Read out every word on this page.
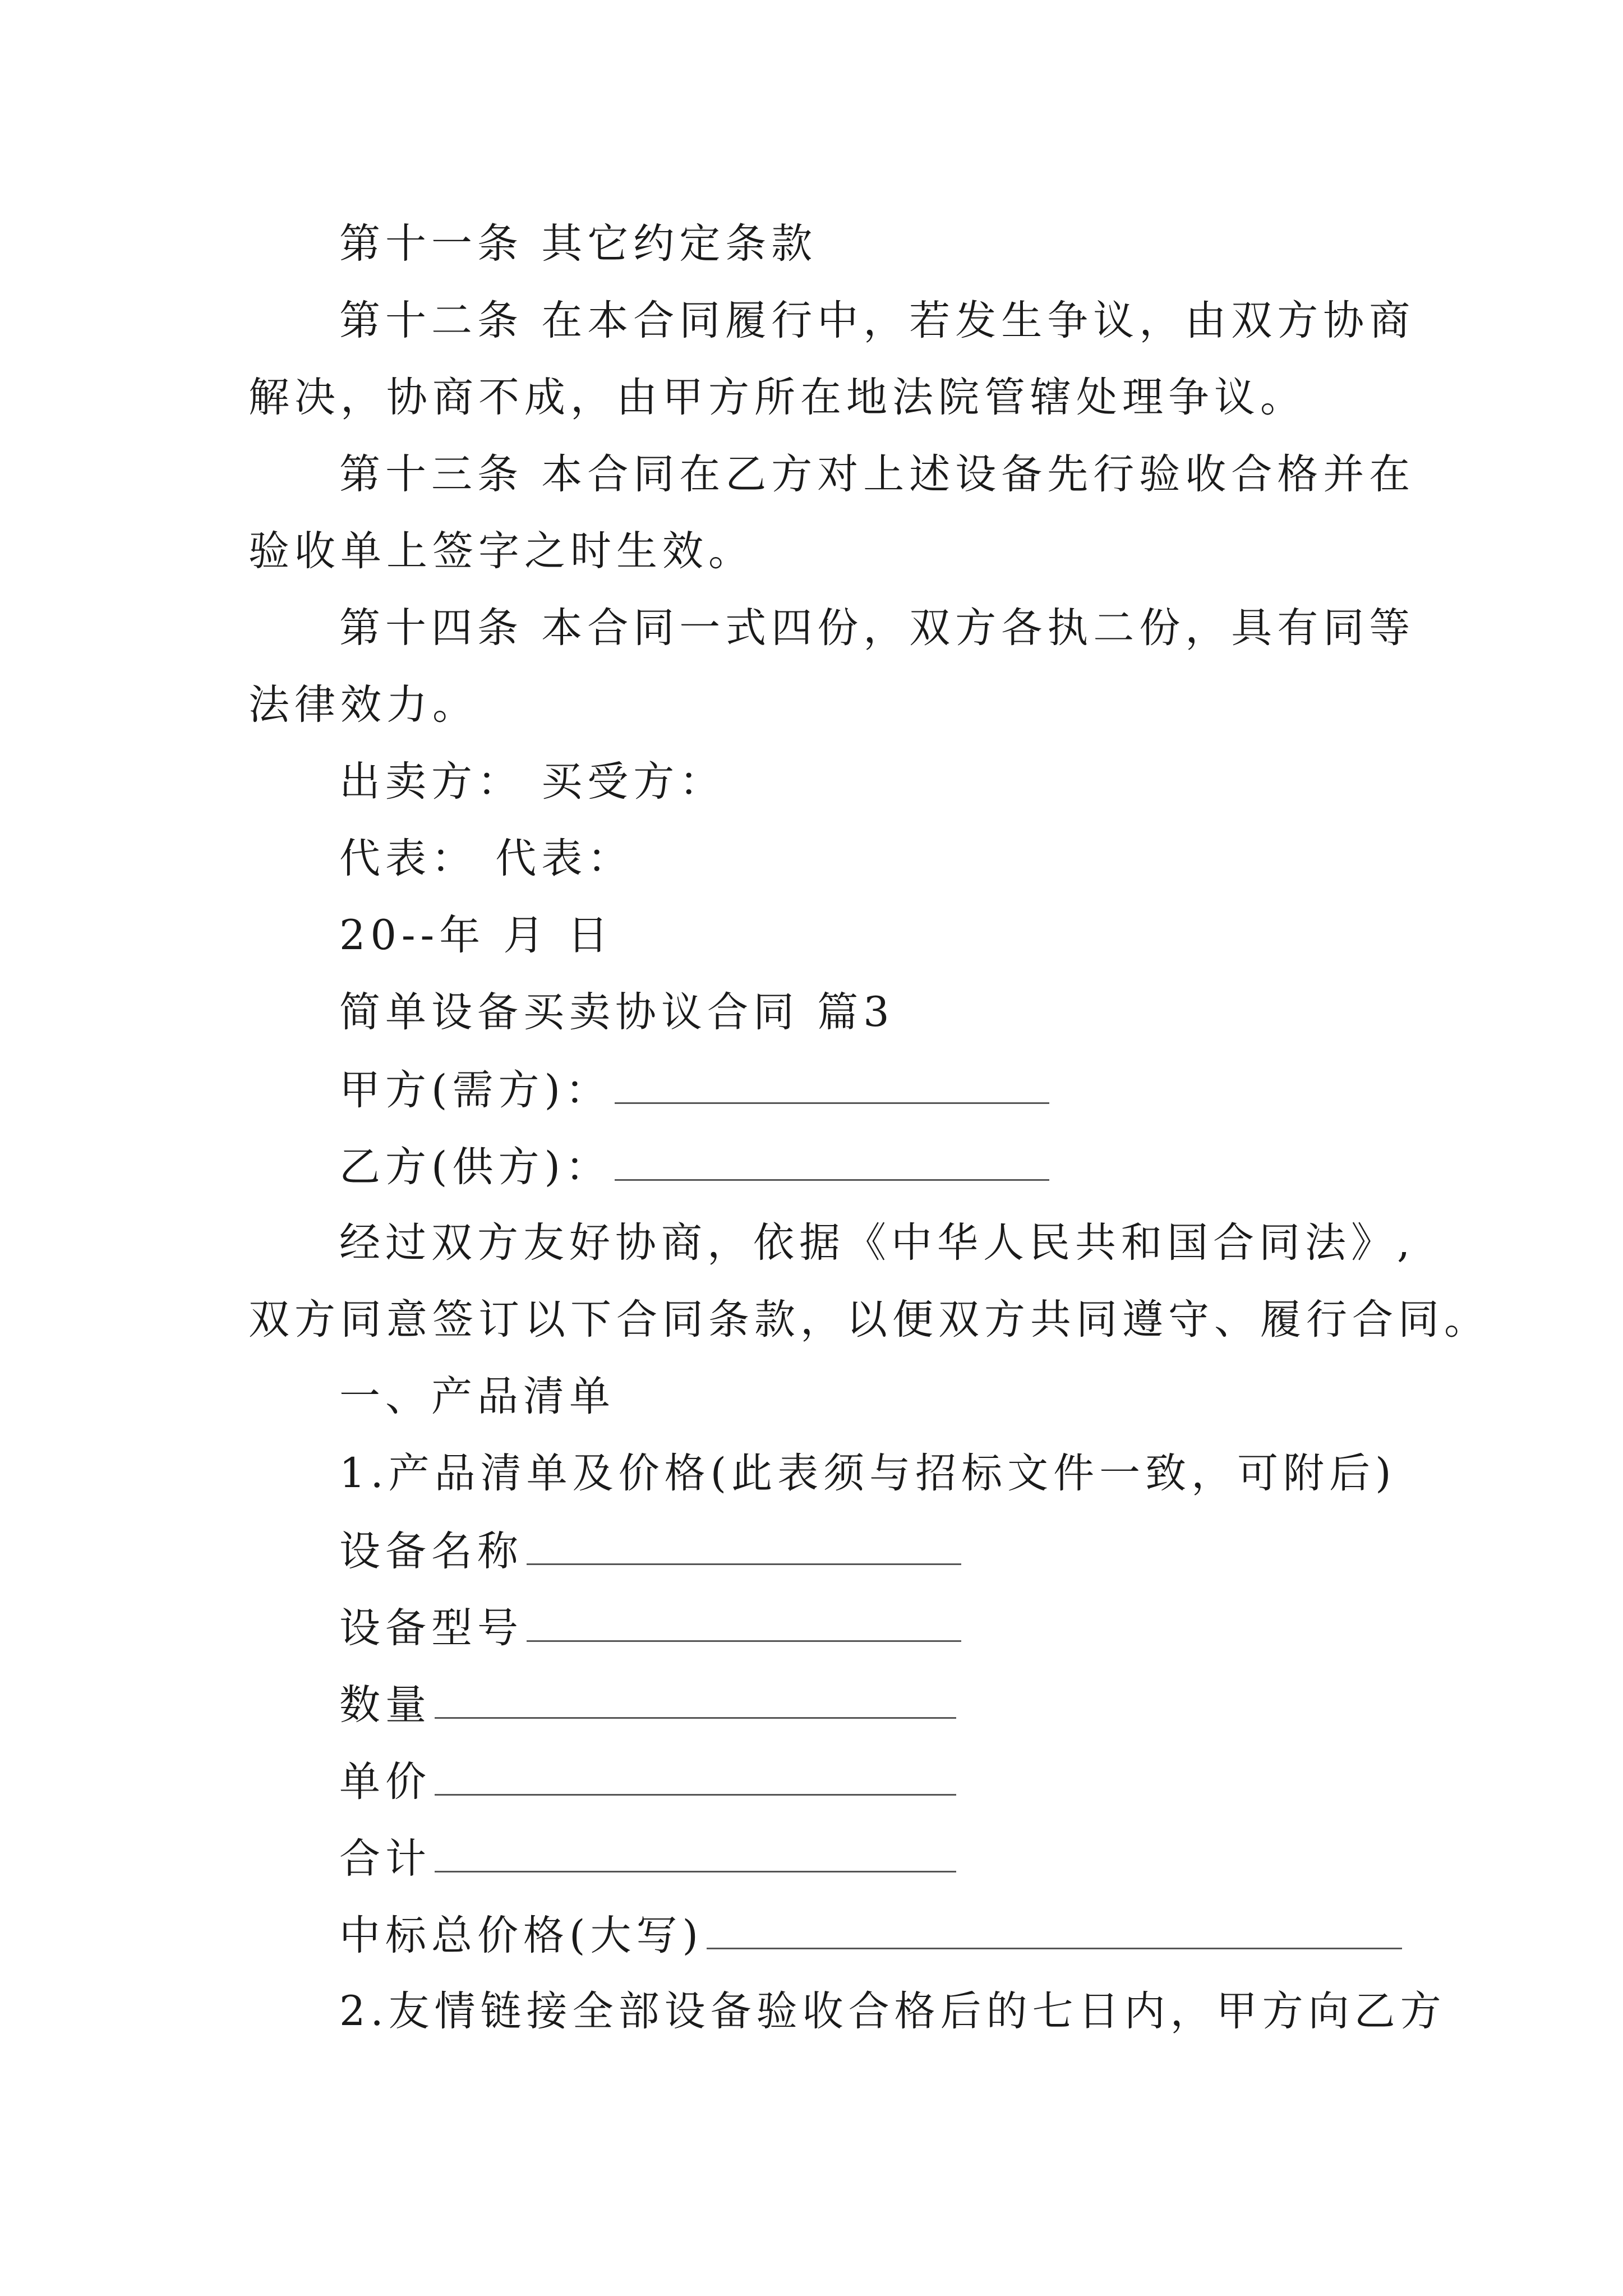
第十一条 其它约定条款
第十二条 在本合同履行中，若发生争议，由双方协商
解决，协商不成，由甲方所在地法院管辖处理争议。
第十三条 本合同在乙方对上述设备先行验收合格并在
验收单上签字之时生效。
第十四条 本合同一式四份，双方各执二份，具有同等
法律效力。
出卖方： 买受方：
代表： 代表：
20--年 月 日
简单设备买卖协议合同 篇3
甲方(需方)：
乙方(供方)：
经过双方友好协商，依据《中华人民共和国合同法》,
双方同意签订以下合同条款，以便双方共同遵守、履行合同。
一、产品清单
1.产品清单及价格(此表须与招标文件一致，可附后)
设备名称
设备型号
数量
单价
合计
中标总价格(大写)
2.友情链接全部设备验收合格后的七日内，甲方向乙方
